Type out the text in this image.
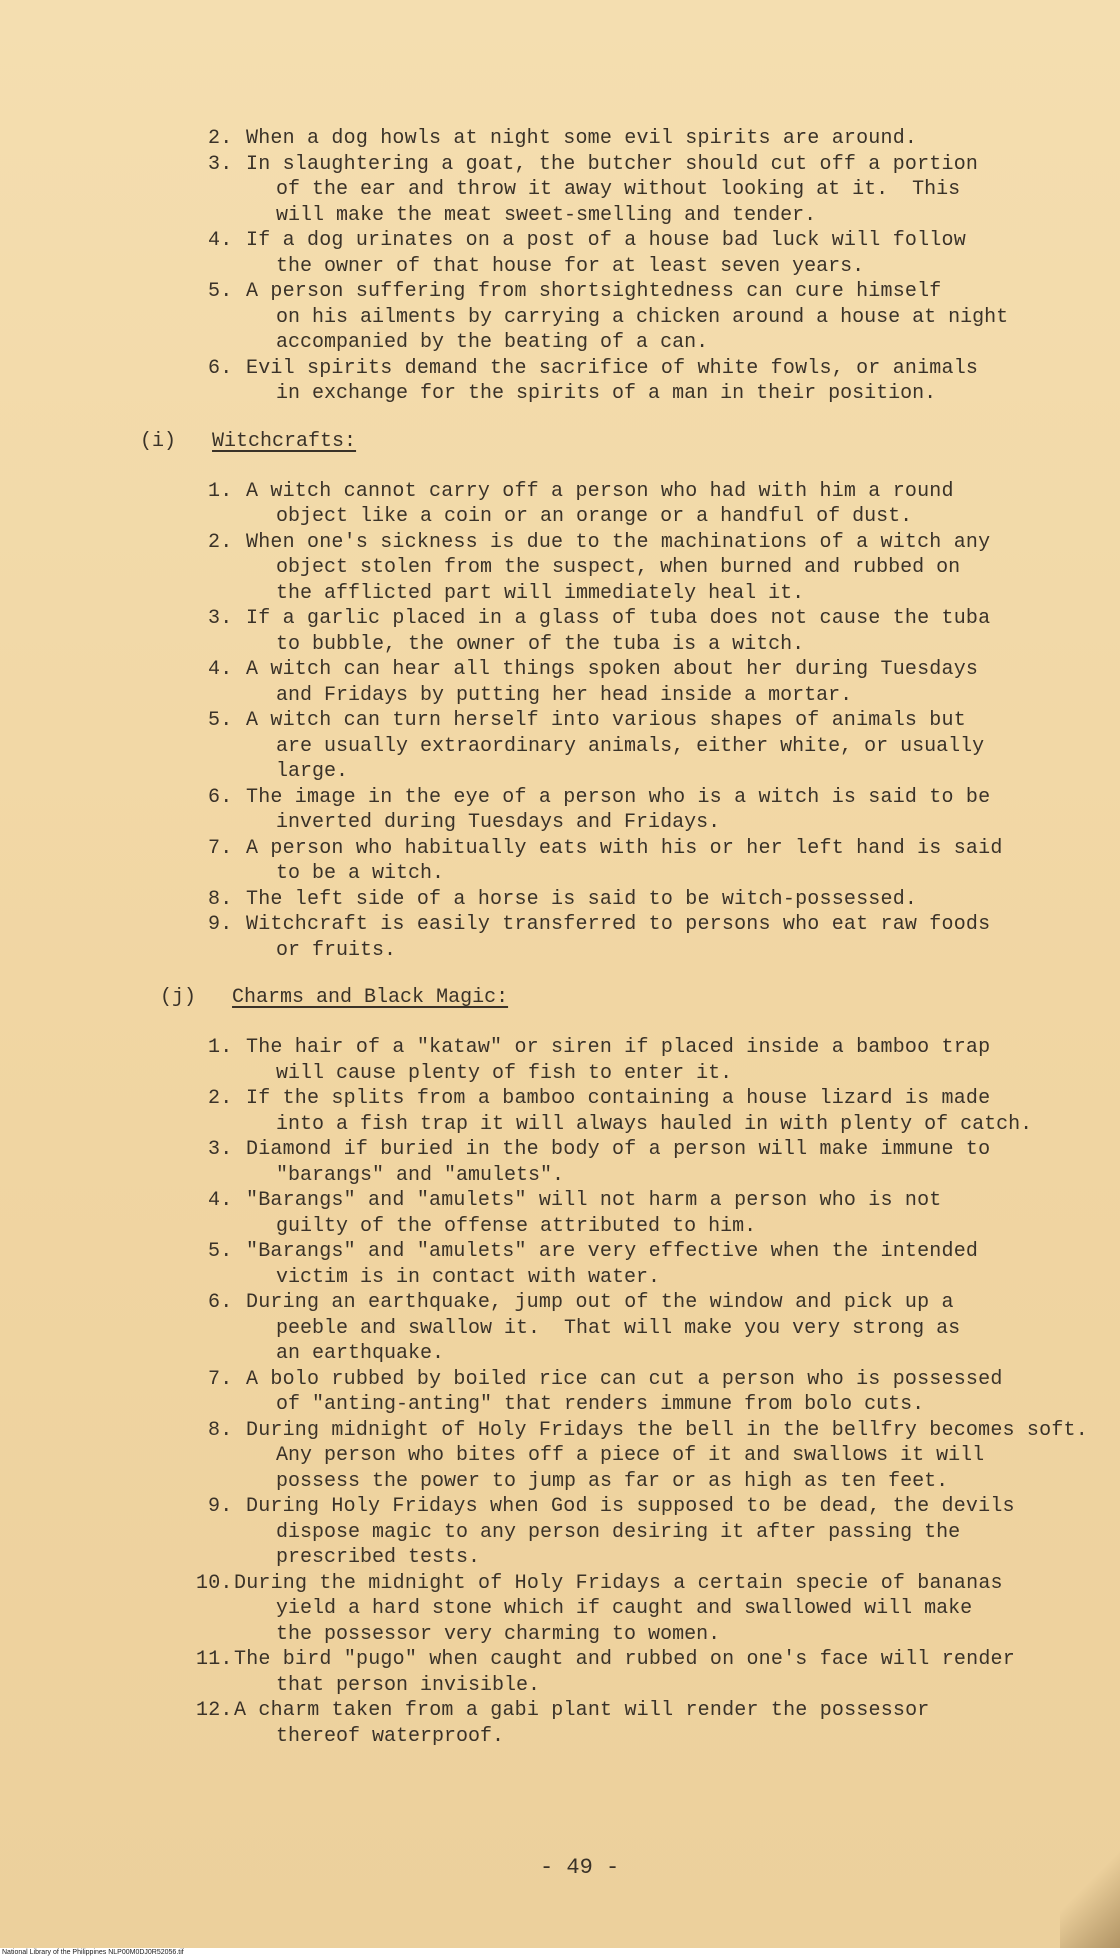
2. When a dog howls at night some evil spirits are around.
3. In slaughtering a goat, the butcher should cut off a portion
of the ear and throw it away without looking at it.  This
will make the meat sweet-smelling and tender.
4. If a dog urinates on a post of a house bad luck will follow
the owner of that house for at least seven years.
5. A person suffering from shortsightedness can cure himself
on his ailments by carrying a chicken around a house at night
accompanied by the beating of a can.
6. Evil spirits demand the sacrifice of white fowls, or animals
in exchange for the spirits of a man in their position.
(i) Witchcrafts:
1. A witch cannot carry off a person who had with him a round
object like a coin or an orange or a handful of dust.
2. When one's sickness is due to the machinations of a witch any
object stolen from the suspect, when burned and rubbed on
the afflicted part will immediately heal it.
3. If a garlic placed in a glass of tuba does not cause the tuba
to bubble, the owner of the tuba is a witch.
4. A witch can hear all things spoken about her during Tuesdays
and Fridays by putting her head inside a mortar.
5. A witch can turn herself into various shapes of animals but
are usually extraordinary animals, either white, or usually
large.
6. The image in the eye of a person who is a witch is said to be
inverted during Tuesdays and Fridays.
7. A person who habitually eats with his or her left hand is said
to be a witch.
8. The left side of a horse is said to be witch-possessed.
9. Witchcraft is easily transferred to persons who eat raw foods
or fruits.
(j) Charms and Black Magic:
1. The hair of a "kataw" or siren if placed inside a bamboo trap
will cause plenty of fish to enter it.
2. If the splits from a bamboo containing a house lizard is made
into a fish trap it will always hauled in with plenty of catch.
3. Diamond if buried in the body of a person will make immune to
"barangs" and "amulets".
4. "Barangs" and "amulets" will not harm a person who is not
guilty of the offense attributed to him.
5. "Barangs" and "amulets" are very effective when the intended
victim is in contact with water.
6. During an earthquake, jump out of the window and pick up a
peeble and swallow it.  That will make you very strong as
an earthquake.
7. A bolo rubbed by boiled rice can cut a person who is possessed
of "anting-anting" that renders immune from bolo cuts.
8. During midnight of Holy Fridays the bell in the bellfry becomes soft.
Any person who bites off a piece of it and swallows it will
possess the power to jump as far or as high as ten feet.
9. During Holy Fridays when God is supposed to be dead, the devils
dispose magic to any person desiring it after passing the
prescribed tests.
10.During the midnight of Holy Fridays a certain specie of bananas
yield a hard stone which if caught and swallowed will make
the possessor very charming to women.
11.The bird "pugo" when caught and rubbed on one's face will render
that person invisible.
12.A charm taken from a gabi plant will render the possessor
thereof waterproof.
- 49 -
National Library of the Philippines NLP00M0DJ0R52056.tif
